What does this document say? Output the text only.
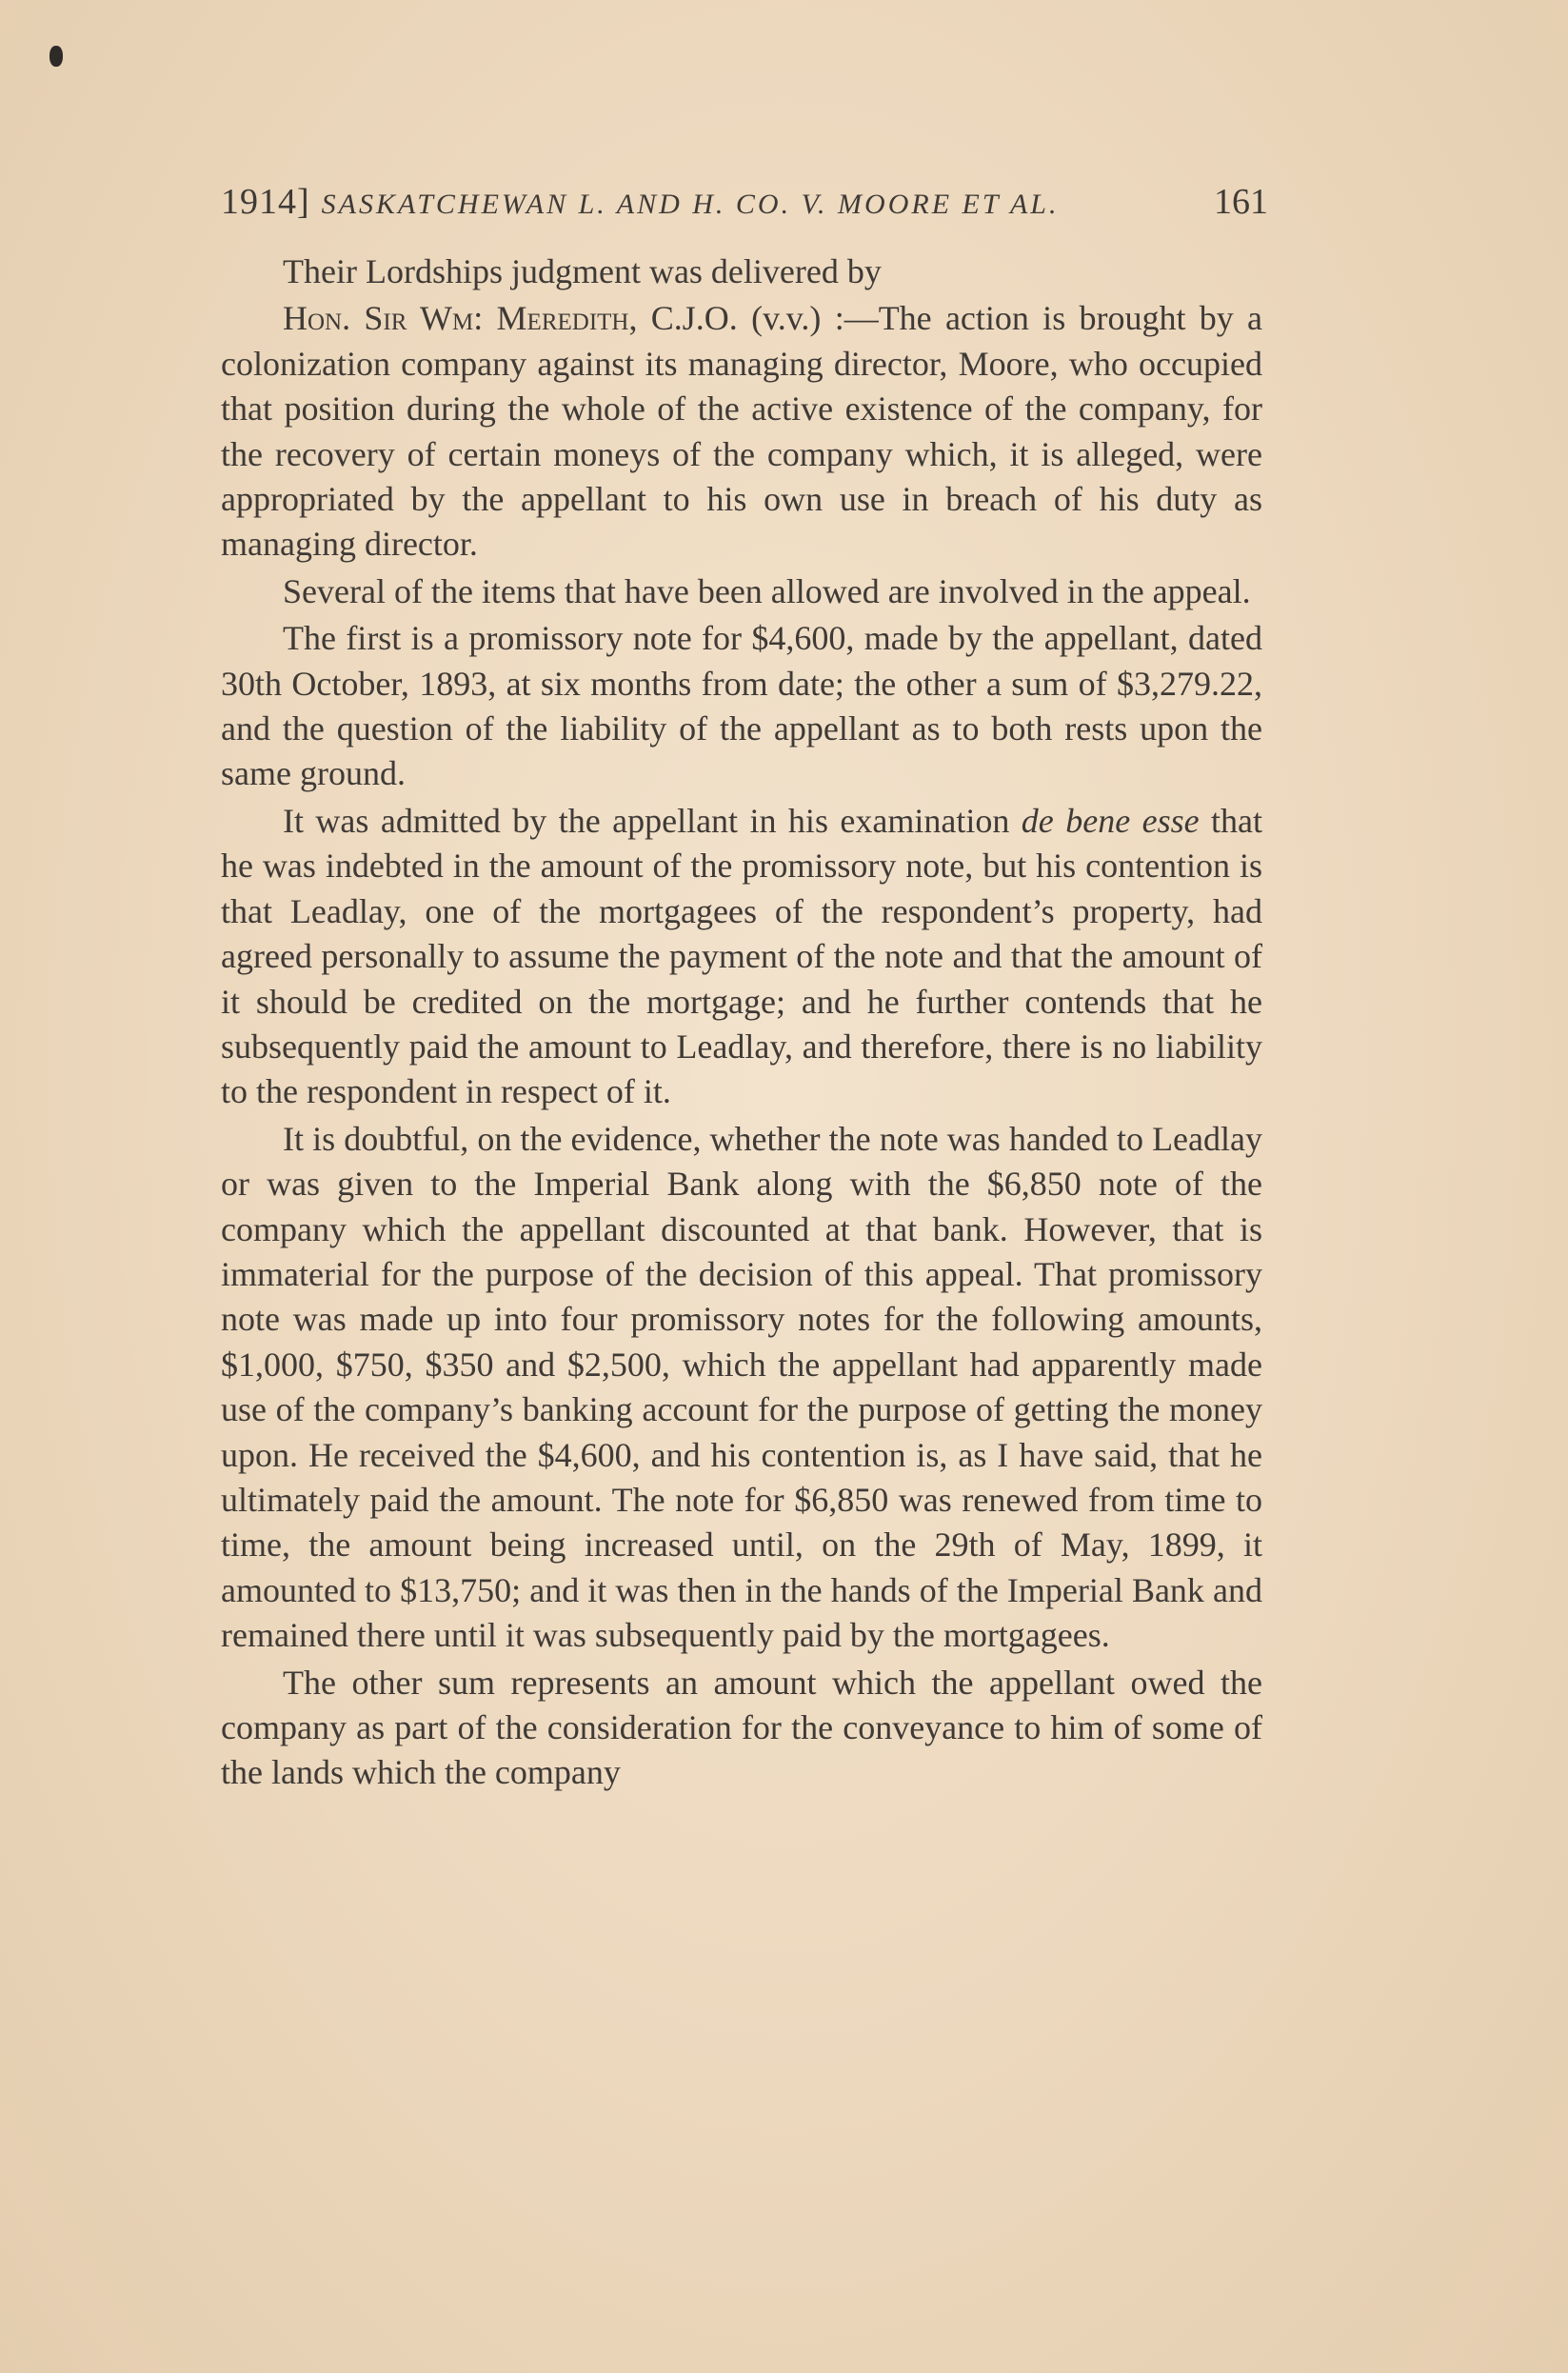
1914] SASKATCHEWAN L. AND H. CO. V. MOORE ET AL.	161

Their Lordships judgment was delivered by

Hon. Sir Wm: Meredith, C.J.O. (v.v.) :—The action is brought by a colonization company against its managing director, Moore, who occupied that position during the whole of the active existence of the company, for the recovery of certain moneys of the company which, it is alleged, were appropriated by the appellant to his own use in breach of his duty as managing director.

Several of the items that have been allowed are involved in the appeal.

The first is a promissory note for $4,600, made by the appellant, dated 30th October, 1893, at six months from date; the other a sum of $3,279.22, and the question of the liability of the appellant as to both rests upon the same ground.

It was admitted by the appellant in his examination de bene esse that he was indebted in the amount of the promissory note, but his contention is that Leadlay, one of the mortgagees of the respondent’s property, had agreed personally to assume the payment of the note and that the amount of it should be credited on the mortgage; and he further contends that he subsequently paid the amount to Leadlay, and therefore, there is no liability to the respondent in respect of it.

It is doubtful, on the evidence, whether the note was handed to Leadlay or was given to the Imperial Bank along with the $6,850 note of the company which the appellant discounted at that bank. However, that is immaterial for the purpose of the decision of this appeal. That promissory note was made up into four promissory notes for the following amounts, $1,000, $750, $350 and $2,500, which the appellant had apparently made use of the company’s banking account for the purpose of getting the money upon. He received the $4,600, and his contention is, as I have said, that he ultimately paid the amount. The note for $6,850 was renewed from time to time, the amount being increased until, on the 29th of May, 1899, it amounted to $13,750; and it was then in the hands of the Imperial Bank and remained there until it was subsequently paid by the mortgagees.

The other sum represents an amount which the appellant owed the company as part of the consideration for the conveyance to him of some of the lands which the company
